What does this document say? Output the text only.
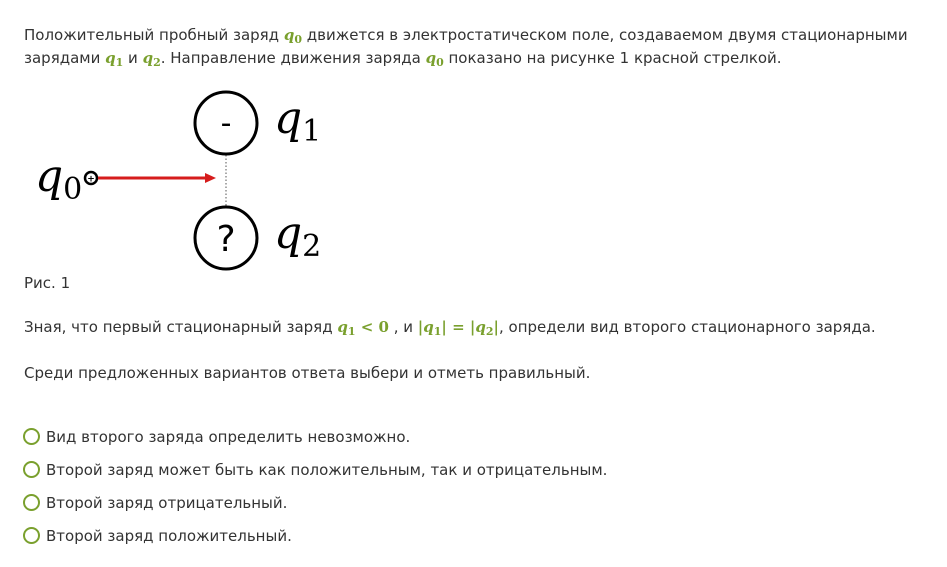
Положительный пробный заряд $q_0$ движется в электростатическом поле, создаваемом двумя стационарными
зарядами $q_1$ и $q_2$. Направление движения заряда $q_0$ показано на рисунке 1 красной стрелкой.
-
?
q1
q2
q0 +
Рис. 1
Зная, что первый стационарный заряд $q_1 < 0$ , и $|q_1| = |q_2|$, определи вид второго стационарного заряда.
Среди предложенных вариантов ответа выбери и отметь правильный.
Вид второго заряда определить невозможно.
Второй заряд может быть как положительным, так и отрицательным.
Второй заряд отрицательный.
Второй заряд положительный.
